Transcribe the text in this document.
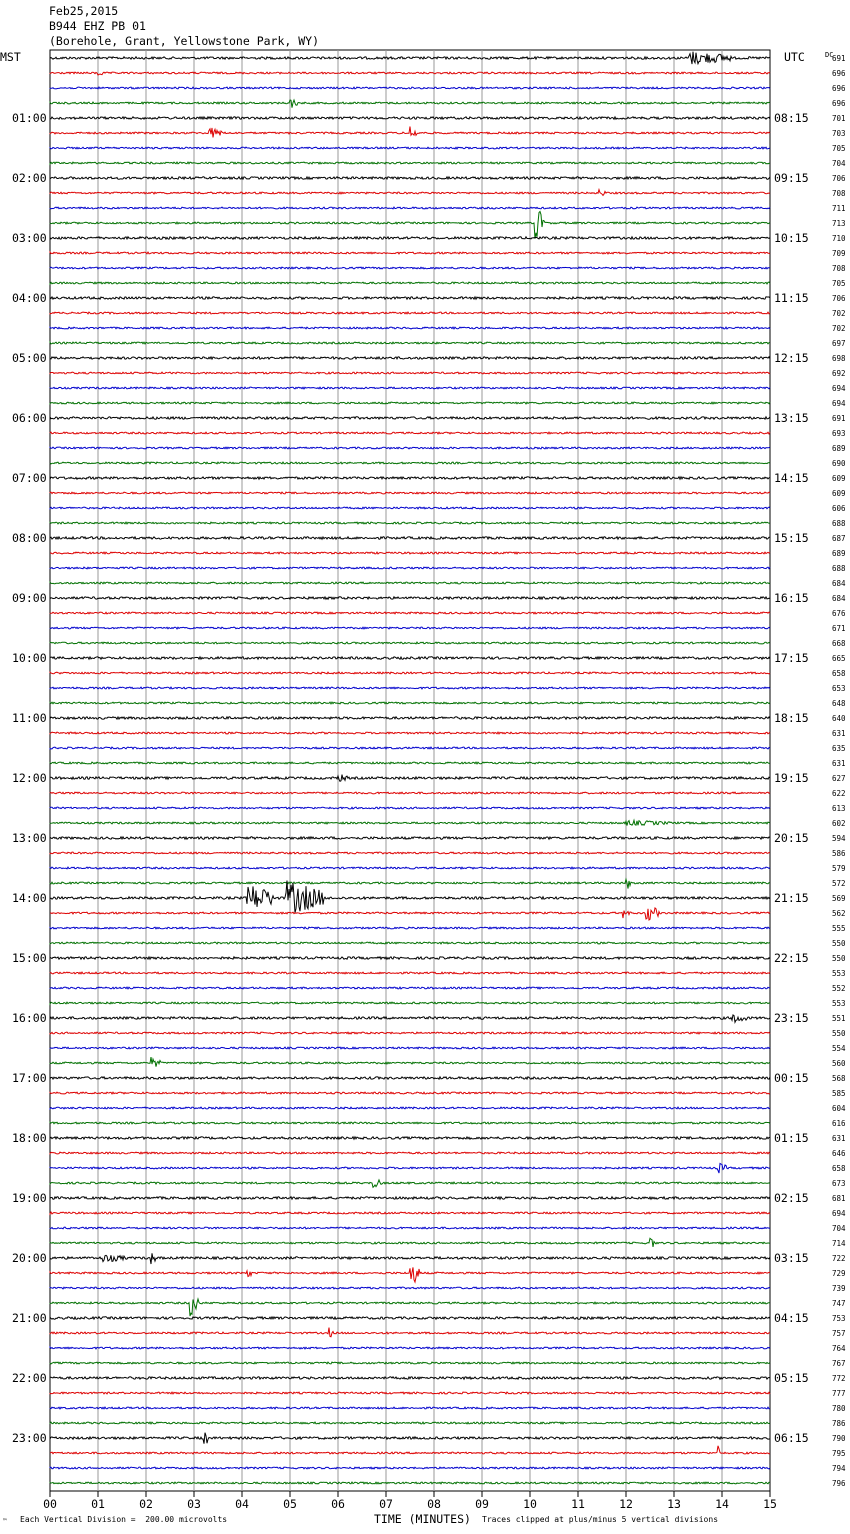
Feb25,2015
B944 EHZ PB 01
(Borehole, Grant, Yellowstone Park, WY)
691
696
696
696
701
01:00	08:15
703
705
704
706
02:00	09:15
708
711
713
710
03:00	10:15
709
708
705
706
04:00	11:15
702
702
697
698
05:00	12:15
692
694
694
691
06:00	13:15
693
689
690
609
07:00	14:15
609
606
688
687
08:00	15:15
689
688
684
684
09:00	16:15
676
671
668
665
10:00	17:15
658
653
648
640
11:00	18:15
631
635
631
627
12:00	19:15
622
613
602
594
13:00	20:15
586
579
572
569
14:00	21:15
562
555
550
550
15:00	22:15
553
552
553
551
16:00	23:15
550
554
560
568
17:00	00:15
585
604
616
631
18:00	01:15
646
658
673
681
19:00	02:15
694
704
714
722
20:00	03:15
729
739
747
753
21:00	04:15
757
764
767
772
22:00	05:15
777
780
786
790
23:00	06:15
795
794
796
MST	UTC	DC
00	01	02	03	04	05	06	07	08	09	10	11	12	13	14	15
TIME (MINUTES)
Each Vertical Division =  200.00 microvolts	Traces clipped at plus/minus 5 vertical divisions
™
